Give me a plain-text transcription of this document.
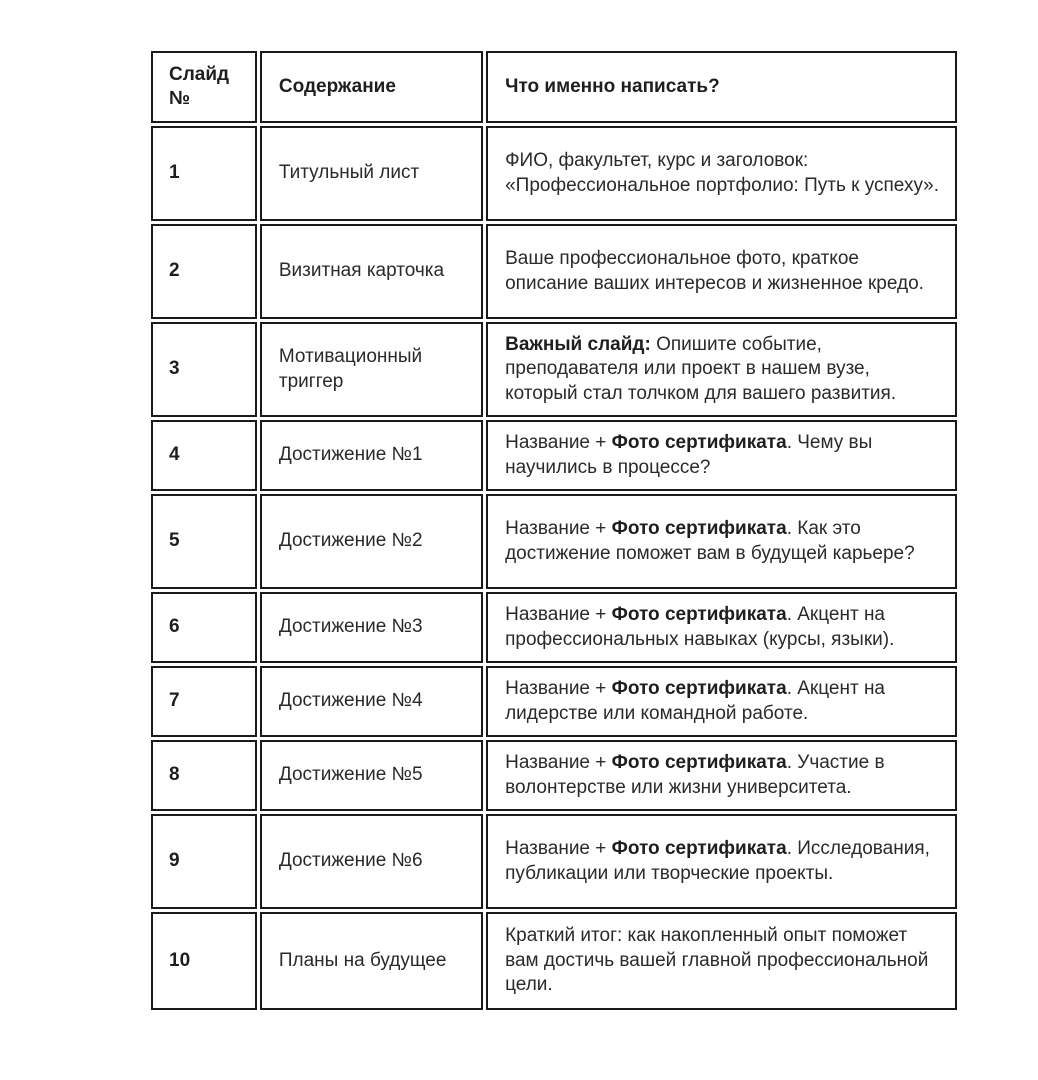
Слайд №	Содержание	Что именно написать?
1	Титульный лист	ФИО, факультет, курс и заголовок: «Профессиональное портфолио: Путь к успеху».
2	Визитная карточка	Ваше профессиональное фото, краткое описание ваших интересов и жизненное кредо.
3	Мотивационный триггер	Важный слайд: Опишите событие, преподавателя или проект в нашем вузе, который стал толчком для вашего развития.
4	Достижение №1	Название + Фото сертификата. Чему вы научились в процессе?
5	Достижение №2	Название + Фото сертификата. Как это достижение поможет вам в будущей карьере?
6	Достижение №3	Название + Фото сертификата. Акцент на профессиональных навыках (курсы, языки).
7	Достижение №4	Название + Фото сертификата. Акцент на лидерстве или командной работе.
8	Достижение №5	Название + Фото сертификата. Участие в волонтерстве или жизни университета.
9	Достижение №6	Название + Фото сертификата. Исследования, публикации или творческие проекты.
10	Планы на будущее	Краткий итог: как накопленный опыт поможет вам достичь вашей главной профессиональной цели.
